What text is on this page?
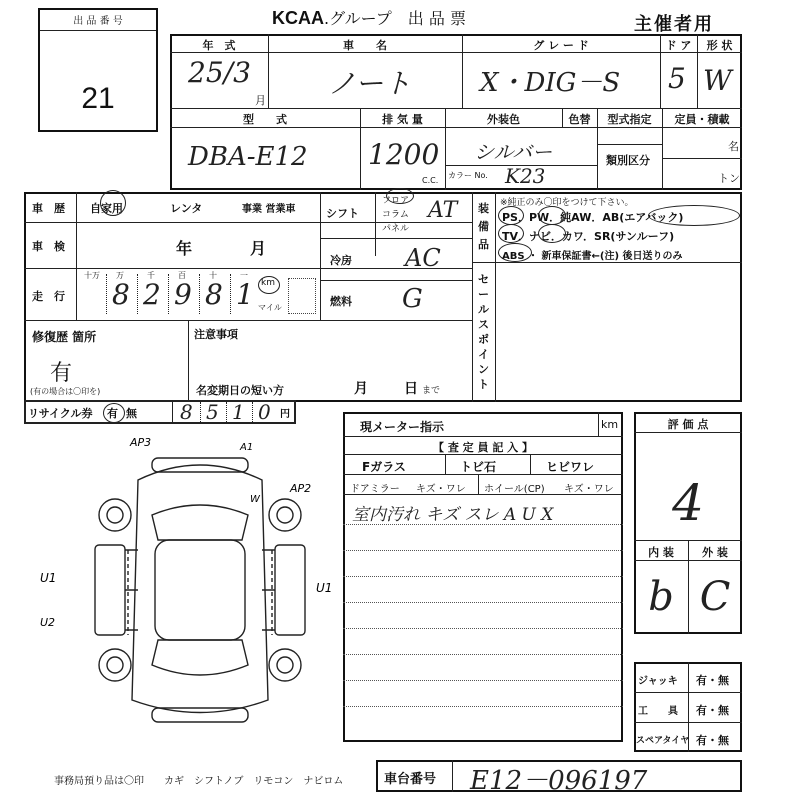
出 品 番 号
21
KCAA.グループ　出 品 票	主催者用
年　式	車　　名	グ レ ー ド	ド ア	形 状
25/3
月
ノート	X・DIG－S 5 W
型　　式	排 気 量	外装色	色替	型式指定	定員・積載
類別区分
名
トン
DBA-E12 1200
C.C.
シルバー
カラー No. K23
車　歴 自家用	レンタ	事業 営業車
車　検	年	月
走　行
十万 万	千	百	十	一
8 2 9 8 1 km
マイル
シフト
フロア
コラム
パネル
AT
冷房 AC
燃料 G
装備品
※純正のみ〇印をつけて下さい。
PS．PW．純AW．AB(エアバック)
TV．ナビ．カワ．SR(サンルーフ)
ABS ・ 新車保証書←(注) 後日送りのみ
セールスポイント
修復歴 箇所
有
(有の場合は〇印を)
注意事項
名変期日の短い方	月	日 まで
リサイクル券 有 無 8 5 1 0 円
AP3	A1
AP2
W
U1
U2
U1
現メーター指示	km
【 査 定 員 記 入 】
Fガラス	トビ石	ヒビワレ
ドアミラー キズ・ワレ ホイール(CP) キズ・ワレ
室内汚れ キズ スレ A U X
評 価 点
4
内 装	外 装
b C
ジャッキ 有・無
工　　具 有・無
スペアタイヤ 有・無
事務局預り品は〇印　　カギ　シフトノブ　リモコン　ナビロム	車台番号 E12－096197
